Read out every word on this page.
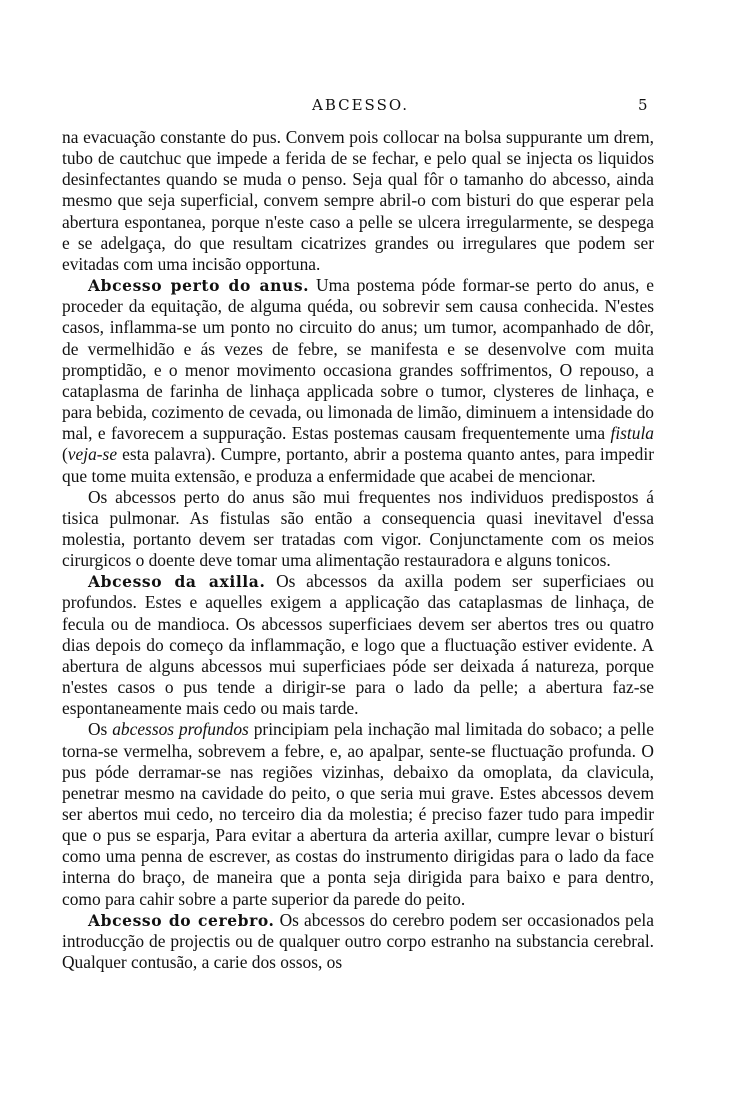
ABCESSO.	5

na evacuação constante do pus. Convem pois collocar na bolsa suppurante um drem, tubo de cautchuc que impede a ferida de se fechar, e pelo qual se injecta os liquidos desinfectantes quando se muda o penso. Seja qual fôr o tamanho do abcesso, ainda mesmo que seja superficial, convem sempre abril-o com bisturi do que esperar pela abertura espontanea, porque n'este caso a pelle se ulcera irregularmente, se despega e se adelgaça, do que resultam cicatrizes grandes ou irregulares que podem ser evitadas com uma incisão opportuna.

Abcesso perto do anus. Uma postema póde formar-se perto do anus, e proceder da equitação, de alguma quéda, ou sobrevir sem causa conhecida. N'estes casos, inflamma-se um ponto no circuito do anus; um tumor, acompanhado de dôr, de vermelhidão e ás vezes de febre, se manifesta e se desenvolve com muita promptidão, e o menor movimento occasiona grandes soffrimentos, O repouso, a cataplasma de farinha de linhaça applicada sobre o tumor, clysteres de linhaça, e para bebida, cozimento de cevada, ou limonada de limão, diminuem a intensidade do mal, e favorecem a suppuração. Estas postemas causam frequentemente uma fistula (veja-se esta palavra). Cumpre, portanto, abrir a postema quanto antes, para impedir que tome muita extensão, e produza a enfermidade que acabei de mencionar.

Os abcessos perto do anus são mui frequentes nos individuos predispostos á tisica pulmonar. As fistulas são então a consequencia quasi inevitavel d'essa molestia, portanto devem ser tratadas com vigor. Conjunctamente com os meios cirurgicos o doente deve tomar uma alimentação restauradora e alguns tonicos.

Abcesso da axilla. Os abcessos da axilla podem ser superficiaes ou profundos. Estes e aquelles exigem a applicação das cataplasmas de linhaça, de fecula ou de mandioca. Os abcessos superficiaes devem ser abertos tres ou quatro dias depois do começo da inflammação, e logo que a fluctuação estiver evidente. A abertura de alguns abcessos mui superficiaes póde ser deixada á natureza, porque n'estes casos o pus tende a dirigir-se para o lado da pelle; a abertura faz-se espontaneamente mais cedo ou mais tarde.

Os abcessos profundos principiam pela inchação mal limitada do sobaco; a pelle torna-se vermelha, sobrevem a febre, e, ao apalpar, sente-se fluctuação profunda. O pus póde derramar-se nas regiões vizinhas, debaixo da omoplata, da clavicula, penetrar mesmo na cavidade do peito, o que seria mui grave. Estes abcessos devem ser abertos mui cedo, no terceiro dia da molestia; é preciso fazer tudo para impedir que o pus se esparja, Para evitar a abertura da arteria axillar, cumpre levar o bisturí como uma penna de escrever, as costas do instrumento dirigidas para o lado da face interna do braço, de maneira que a ponta seja dirigida para baixo e para dentro, como para cahir sobre a parte superior da parede do peito.

Abcesso do cerebro. Os abcessos do cerebro podem ser occasionados pela introducção de projectis ou de qualquer outro corpo estranho na substancia cerebral. Qualquer contusão, a carie dos ossos, os
